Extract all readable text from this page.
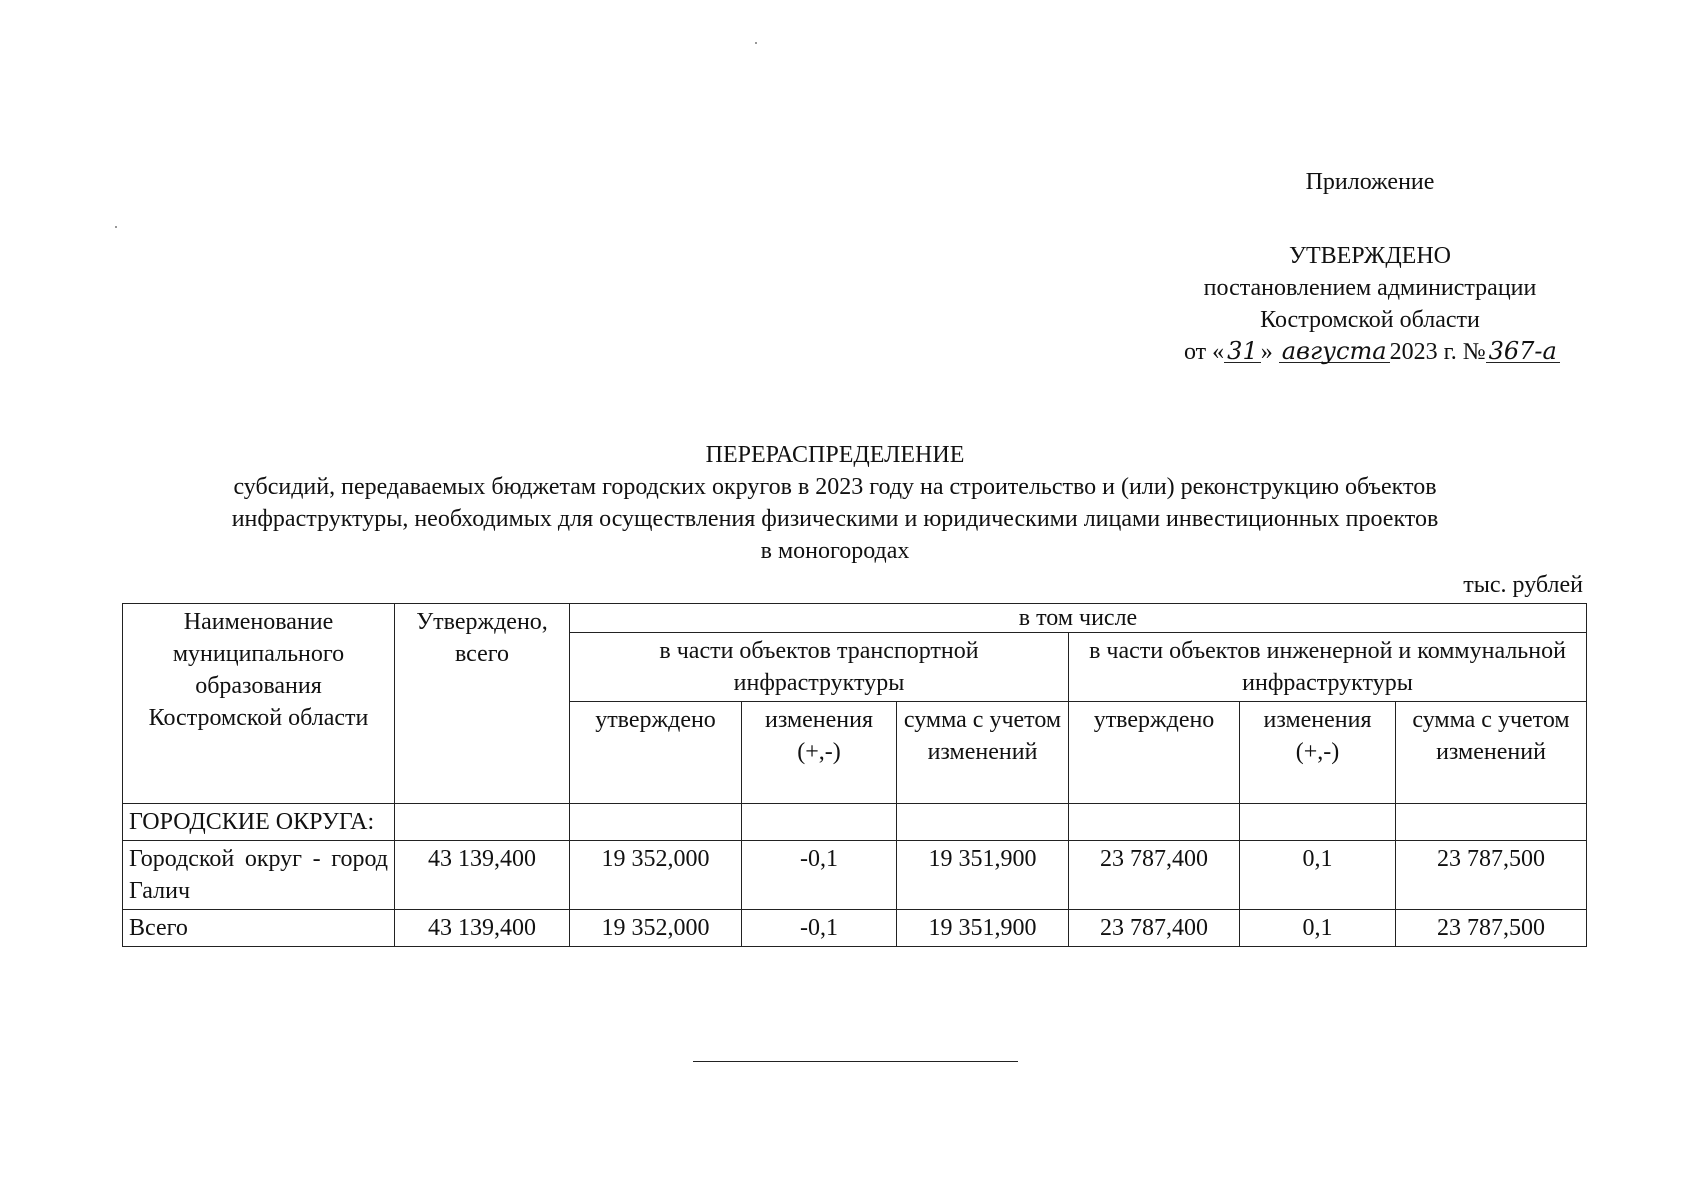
Приложение
УТВЕРЖДЕНО
постановлением администрации
Костромской области
от « 31 » августа 2023 г. № 367-а
ПЕРЕРАСПРЕДЕЛЕНИЕ
субсидий, передаваемых бюджетам городских округов в 2023 году на строительство и (или) реконструкцию объектов
инфраструктуры, необходимых для осуществления физическими и юридическими лицами инвестиционных проектов
в моногородах
тыс. рублей
Наименование муниципального образования Костромской области	Утверждено, всего	в том числе					
		в части объектов транспортной инфраструктуры			в части объектов инженерной и коммунальной инфраструктуры		
		утверждено	изменения (+,-)	сумма с учетом изменений	утверждено	изменения (+,-)	сумма с учетом изменений
ГОРОДСКИЕ ОКРУГА:							
Городской округ - город Галич	43 139,400	19 352,000	-0,1	19 351,900	23 787,400	0,1	23 787,500
Всего	43 139,400	19 352,000	-0,1	19 351,900	23 787,400	0,1	23 787,500
